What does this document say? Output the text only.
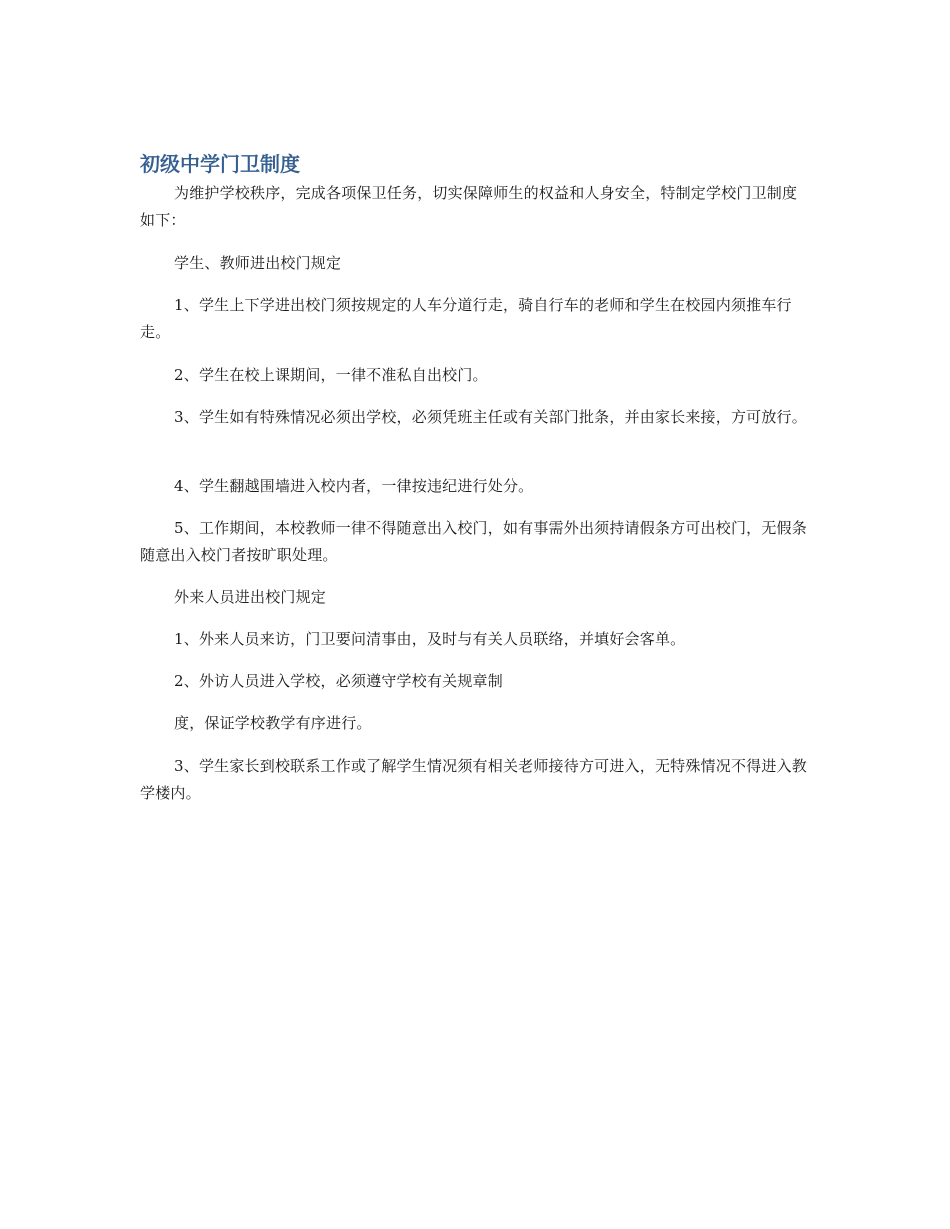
初级中学门卫制度

为维护学校秩序，完成各项保卫任务，切实保障师生的权益和人身安全，特制定学校门卫制度如下：

学生、教师进出校门规定

1、学生上下学进出校门须按规定的人车分道行走，骑自行车的老师和学生在校园内须推车行走。

2、学生在校上课期间，一律不准私自出校门。

3、学生如有特殊情况必须出学校，必须凭班主任或有关部门批条，并由家长来接，方可放行。

4、学生翻越围墙进入校内者，一律按违纪进行处分。

5、工作期间，本校教师一律不得随意出入校门，如有事需外出须持请假条方可出校门，无假条随意出入校门者按旷职处理。

外来人员进出校门规定

1、外来人员来访，门卫要问清事由，及时与有关人员联络，并填好会客单。

2、外访人员进入学校，必须遵守学校有关规章制

度，保证学校教学有序进行。

3、学生家长到校联系工作或了解学生情况须有相关老师接待方可进入，无特殊情况不得进入教学楼内。
